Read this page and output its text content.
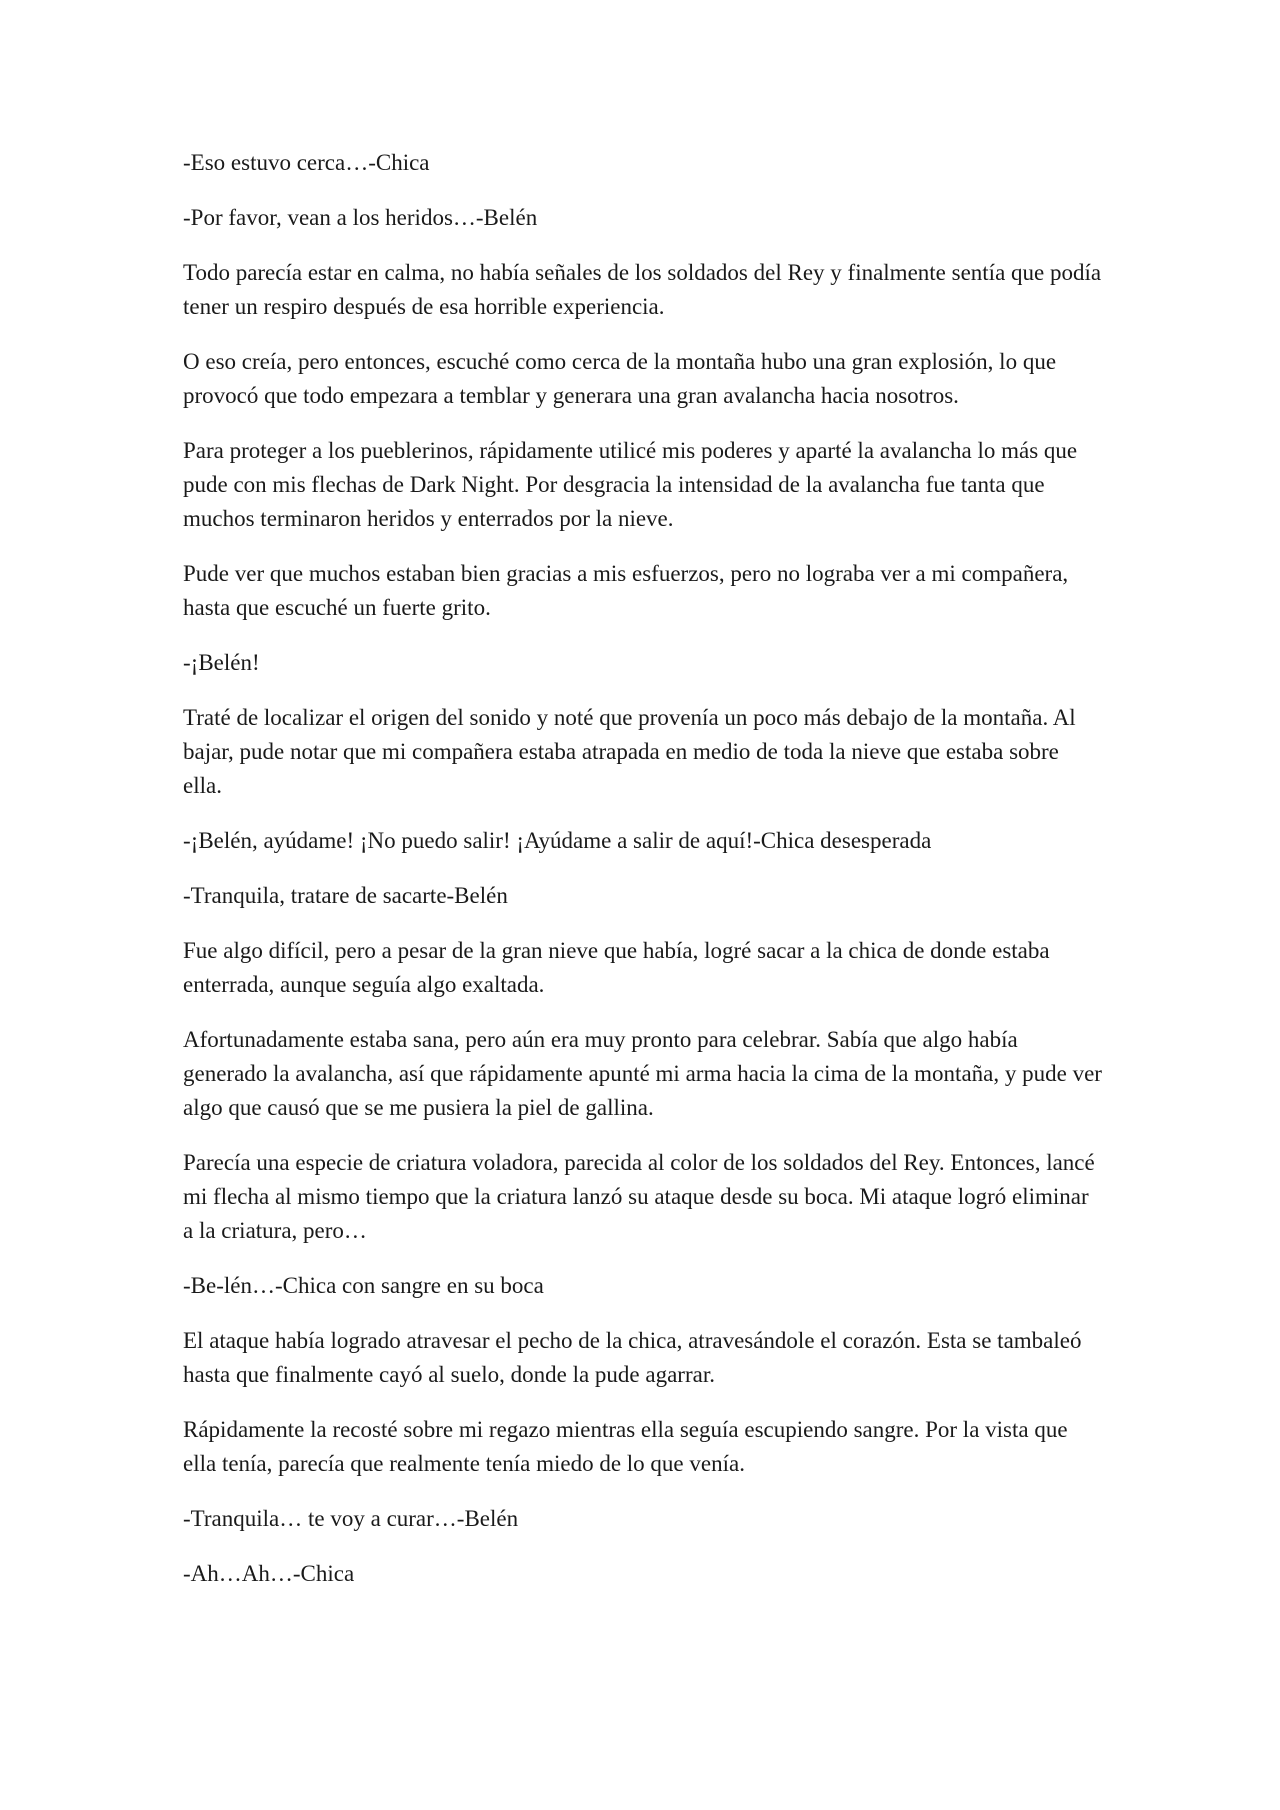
-Eso estuvo cerca…-Chica

-Por favor, vean a los heridos…-Belén

Todo parecía estar en calma, no había señales de los soldados del Rey y finalmente sentía que podía tener un respiro después de esa horrible experiencia.

O eso creía, pero entonces, escuché como cerca de la montaña hubo una gran explosión, lo que provocó que todo empezara a temblar y generara una gran avalancha hacia nosotros.

Para proteger a los pueblerinos, rápidamente utilicé mis poderes y aparté la avalancha lo más que pude con mis flechas de Dark Night. Por desgracia la intensidad de la avalancha fue tanta que muchos terminaron heridos y enterrados por la nieve.

Pude ver que muchos estaban bien gracias a mis esfuerzos, pero no lograba ver a mi compañera, hasta que escuché un fuerte grito.

-¡Belén!

Traté de localizar el origen del sonido y noté que provenía un poco más debajo de la montaña. Al bajar, pude notar que mi compañera estaba atrapada en medio de toda la nieve que estaba sobre ella.

-¡Belén, ayúdame! ¡No puedo salir! ¡Ayúdame a salir de aquí!-Chica desesperada

-Tranquila, tratare de sacarte-Belén

Fue algo difícil, pero a pesar de la gran nieve que había, logré sacar a la chica de donde estaba enterrada, aunque seguía algo exaltada.

Afortunadamente estaba sana, pero aún era muy pronto para celebrar. Sabía que algo había generado la avalancha, así que rápidamente apunté mi arma hacia la cima de la montaña, y pude ver algo que causó que se me pusiera la piel de gallina.

Parecía una especie de criatura voladora, parecida al color de los soldados del Rey. Entonces, lancé mi flecha al mismo tiempo que la criatura lanzó su ataque desde su boca. Mi ataque logró eliminar a la criatura, pero…

-Be-lén…-Chica con sangre en su boca

El ataque había logrado atravesar el pecho de la chica, atravesándole el corazón. Esta se tambaleó hasta que finalmente cayó al suelo, donde la pude agarrar.

Rápidamente la recosté sobre mi regazo mientras ella seguía escupiendo sangre. Por la vista que ella tenía, parecía que realmente tenía miedo de lo que venía.

-Tranquila… te voy a curar…-Belén

-Ah…Ah…-Chica
